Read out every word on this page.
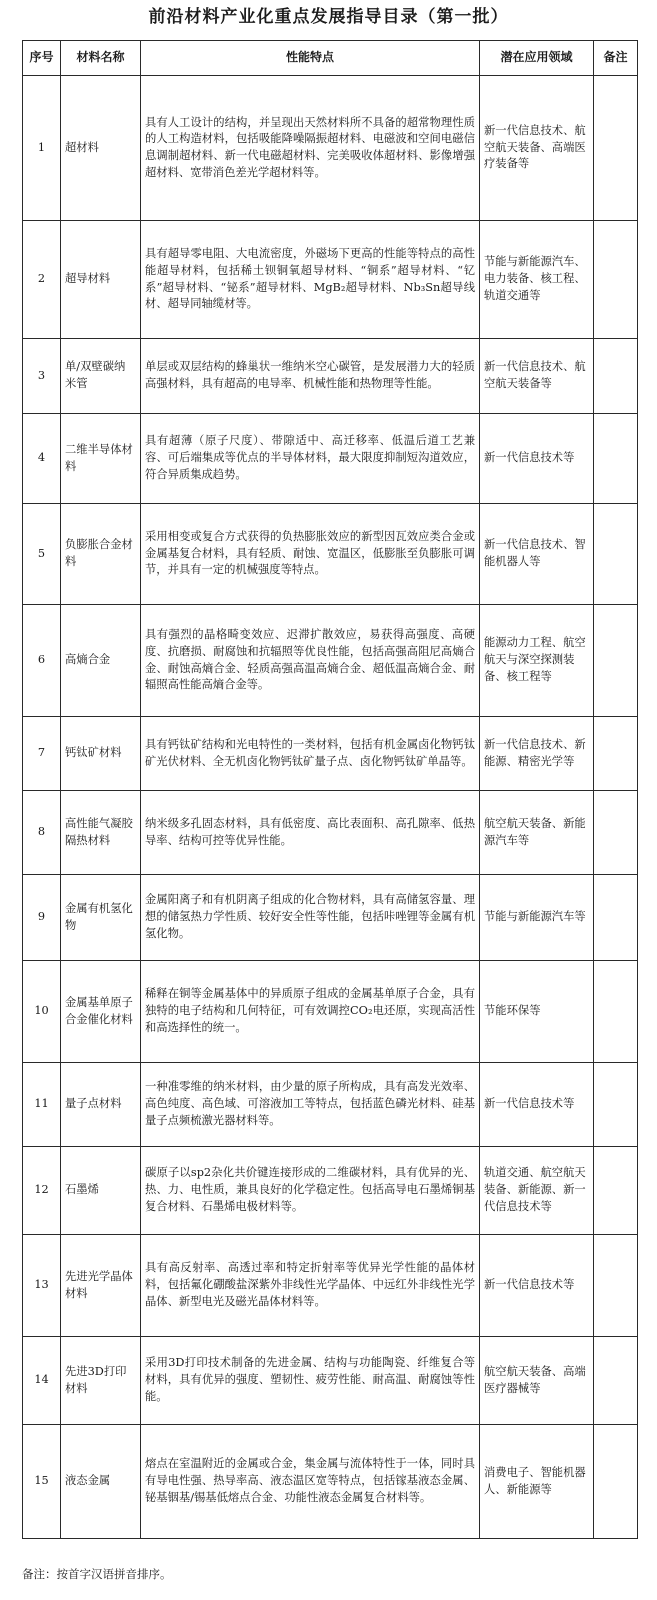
前沿材料产业化重点发展指导目录（第一批）
序号	材料名称	性能特点	潜在应用领域	备注
1	超材料	具有人工设计的结构，并呈现出天然材料所不具备的超常物理性质的人工构造材料，包括吸能降噪隔振超材料、电磁波和空间电磁信息调制超材料、新一代电磁超材料、完美吸收体超材料、影像增强超材料、宽带消色差光学超材料等。	新一代信息技术、航空航天装备、高端医疗装备等	
2	超导材料	具有超导零电阻、大电流密度，外磁场下更高的性能等特点的高性能超导材料，包括稀土钡铜氧超导材料、“铜系”超导材料、“钇系”超导材料、“铋系”超导材料、MgB₂超导材料、Nb₃Sn超导线材、超导同轴缆材等。	节能与新能源汽车、电力装备、核工程、轨道交通等	
3	单/双壁碳纳米管	单层或双层结构的蜂巢状一维纳米空心碳管，是发展潜力大的轻质高强材料，具有超高的电导率、机械性能和热物理等性能。	新一代信息技术、航空航天装备等	
4	二维半导体材料	具有超薄（原子尺度）、带隙适中、高迁移率、低温后道工艺兼容、可后端集成等优点的半导体材料，最大限度抑制短沟道效应，符合异质集成趋势。	新一代信息技术等	
5	负膨胀合金材料	采用相变或复合方式获得的负热膨胀效应的新型因瓦效应类合金或金属基复合材料，具有轻质、耐蚀、宽温区，低膨胀至负膨胀可调节，并具有一定的机械强度等特点。	新一代信息技术、智能机器人等	
6	高熵合金	具有强烈的晶格畸变效应、迟滞扩散效应，易获得高强度、高硬度、抗磨损、耐腐蚀和抗辐照等优良性能，包括高强高阻尼高熵合金、耐蚀高熵合金、轻质高强高温高熵合金、超低温高熵合金、耐辐照高性能高熵合金等。	能源动力工程、航空航天与深空探测装备、核工程等	
7	钙钛矿材料	具有钙钛矿结构和光电特性的一类材料，包括有机金属卤化物钙钛矿光伏材料、全无机卤化物钙钛矿量子点、卤化物钙钛矿单晶等。	新一代信息技术、新能源、精密光学等	
8	高性能气凝胶隔热材料	纳米级多孔固态材料，具有低密度、高比表面积、高孔隙率、低热导率、结构可控等优异性能。	航空航天装备、新能源汽车等	
9	金属有机氢化物	金属阳离子和有机阴离子组成的化合物材料，具有高储氢容量、理想的储氢热力学性质、较好安全性等性能，包括咔唑锂等金属有机氢化物。	节能与新能源汽车等	
10	金属基单原子合金催化材料	稀释在铜等金属基体中的异质原子组成的金属基单原子合金，具有独特的电子结构和几何特征，可有效调控CO₂电还原，实现高活性和高选择性的统一。	节能环保等	
11	量子点材料	一种准零维的纳米材料，由少量的原子所构成，具有高发光效率、高色纯度、高色域、可溶液加工等特点，包括蓝色磷光材料、硅基量子点频梳激光器材料等。	新一代信息技术等	
12	石墨烯	碳原子以sp2杂化共价键连接形成的二维碳材料，具有优异的光、热、力、电性质，兼具良好的化学稳定性。包括高导电石墨烯铜基复合材料、石墨烯电极材料等。	轨道交通、航空航天装备、新能源、新一代信息技术等	
13	先进光学晶体材料	具有高反射率、高透过率和特定折射率等优异光学性能的晶体材料，包括氟化硼酸盐深紫外非线性光学晶体、中远红外非线性光学晶体、新型电光及磁光晶体材料等。	新一代信息技术等	
14	先进3D打印材料	采用3D打印技术制备的先进金属、结构与功能陶瓷、纤维复合等材料，具有优异的强度、塑韧性、疲劳性能、耐高温、耐腐蚀等性能。	航空航天装备、高端医疗器械等	
15	液态金属	熔点在室温附近的金属或合金，集金属与流体特性于一体，同时具有导电性强、热导率高、液态温区宽等特点，包括镓基液态金属、铋基铟基/锡基低熔点合金、功能性液态金属复合材料等。	消费电子、智能机器人、新能源等	
备注：按首字汉语拼音排序。
